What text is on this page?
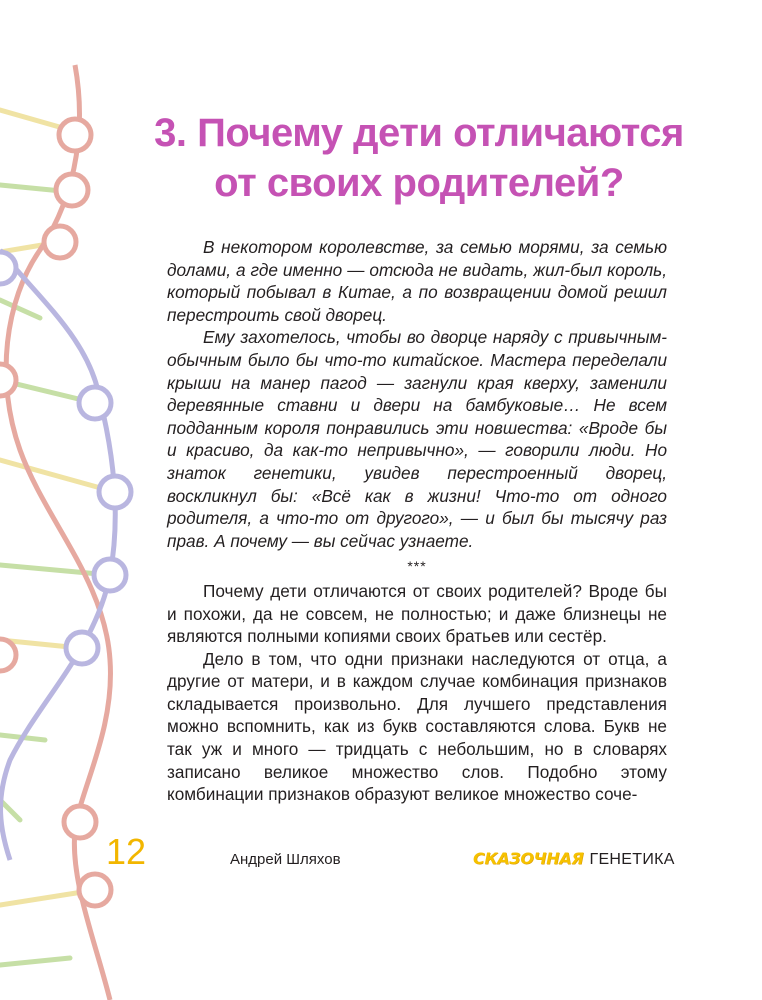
3. Почему дети отличаются
от своих родителей?

В некотором королевстве, за семью морями, за семью долами, а где именно — отсюда не видать, жил-был король, который побывал в Китае, а по возвращении домой решил перестроить свой дворец.

Ему захотелось, чтобы во дворце наряду с привычным-обычным было бы что-то китайское. Мастера переделали крыши на манер пагод — загнули края кверху, заменили деревянные ставни и двери на бамбуковые… Не всем подданным короля понравились эти новшества: «Вроде бы и красиво, да как-то непривычно», — говорили люди. Но знаток генетики, увидев перестроенный дворец, воскликнул бы: «Всё как в жизни! Что-то от одного родителя, а что-то от другого», — и был бы тысячу раз прав. А почему — вы сейчас узнаете.

***

Почему дети отличаются от своих родителей? Вроде бы и похожи, да не совсем, не полностью; и даже близнецы не являются полными копиями своих братьев или сестёр.

Дело в том, что одни признаки наследуются от отца, а другие от матери, и в каждом случае комбинация признаков складывается произвольно. Для лучшего представления можно вспомнить, как из букв составляются слова. Букв не так уж и много — тридцать с небольшим, но в словарях записано великое множество слов. Подобно этому комбинации признаков образуют великое множество соче-

12	Андрей Шляхов	СКАЗОЧНАЯ ГЕНЕТИКА
